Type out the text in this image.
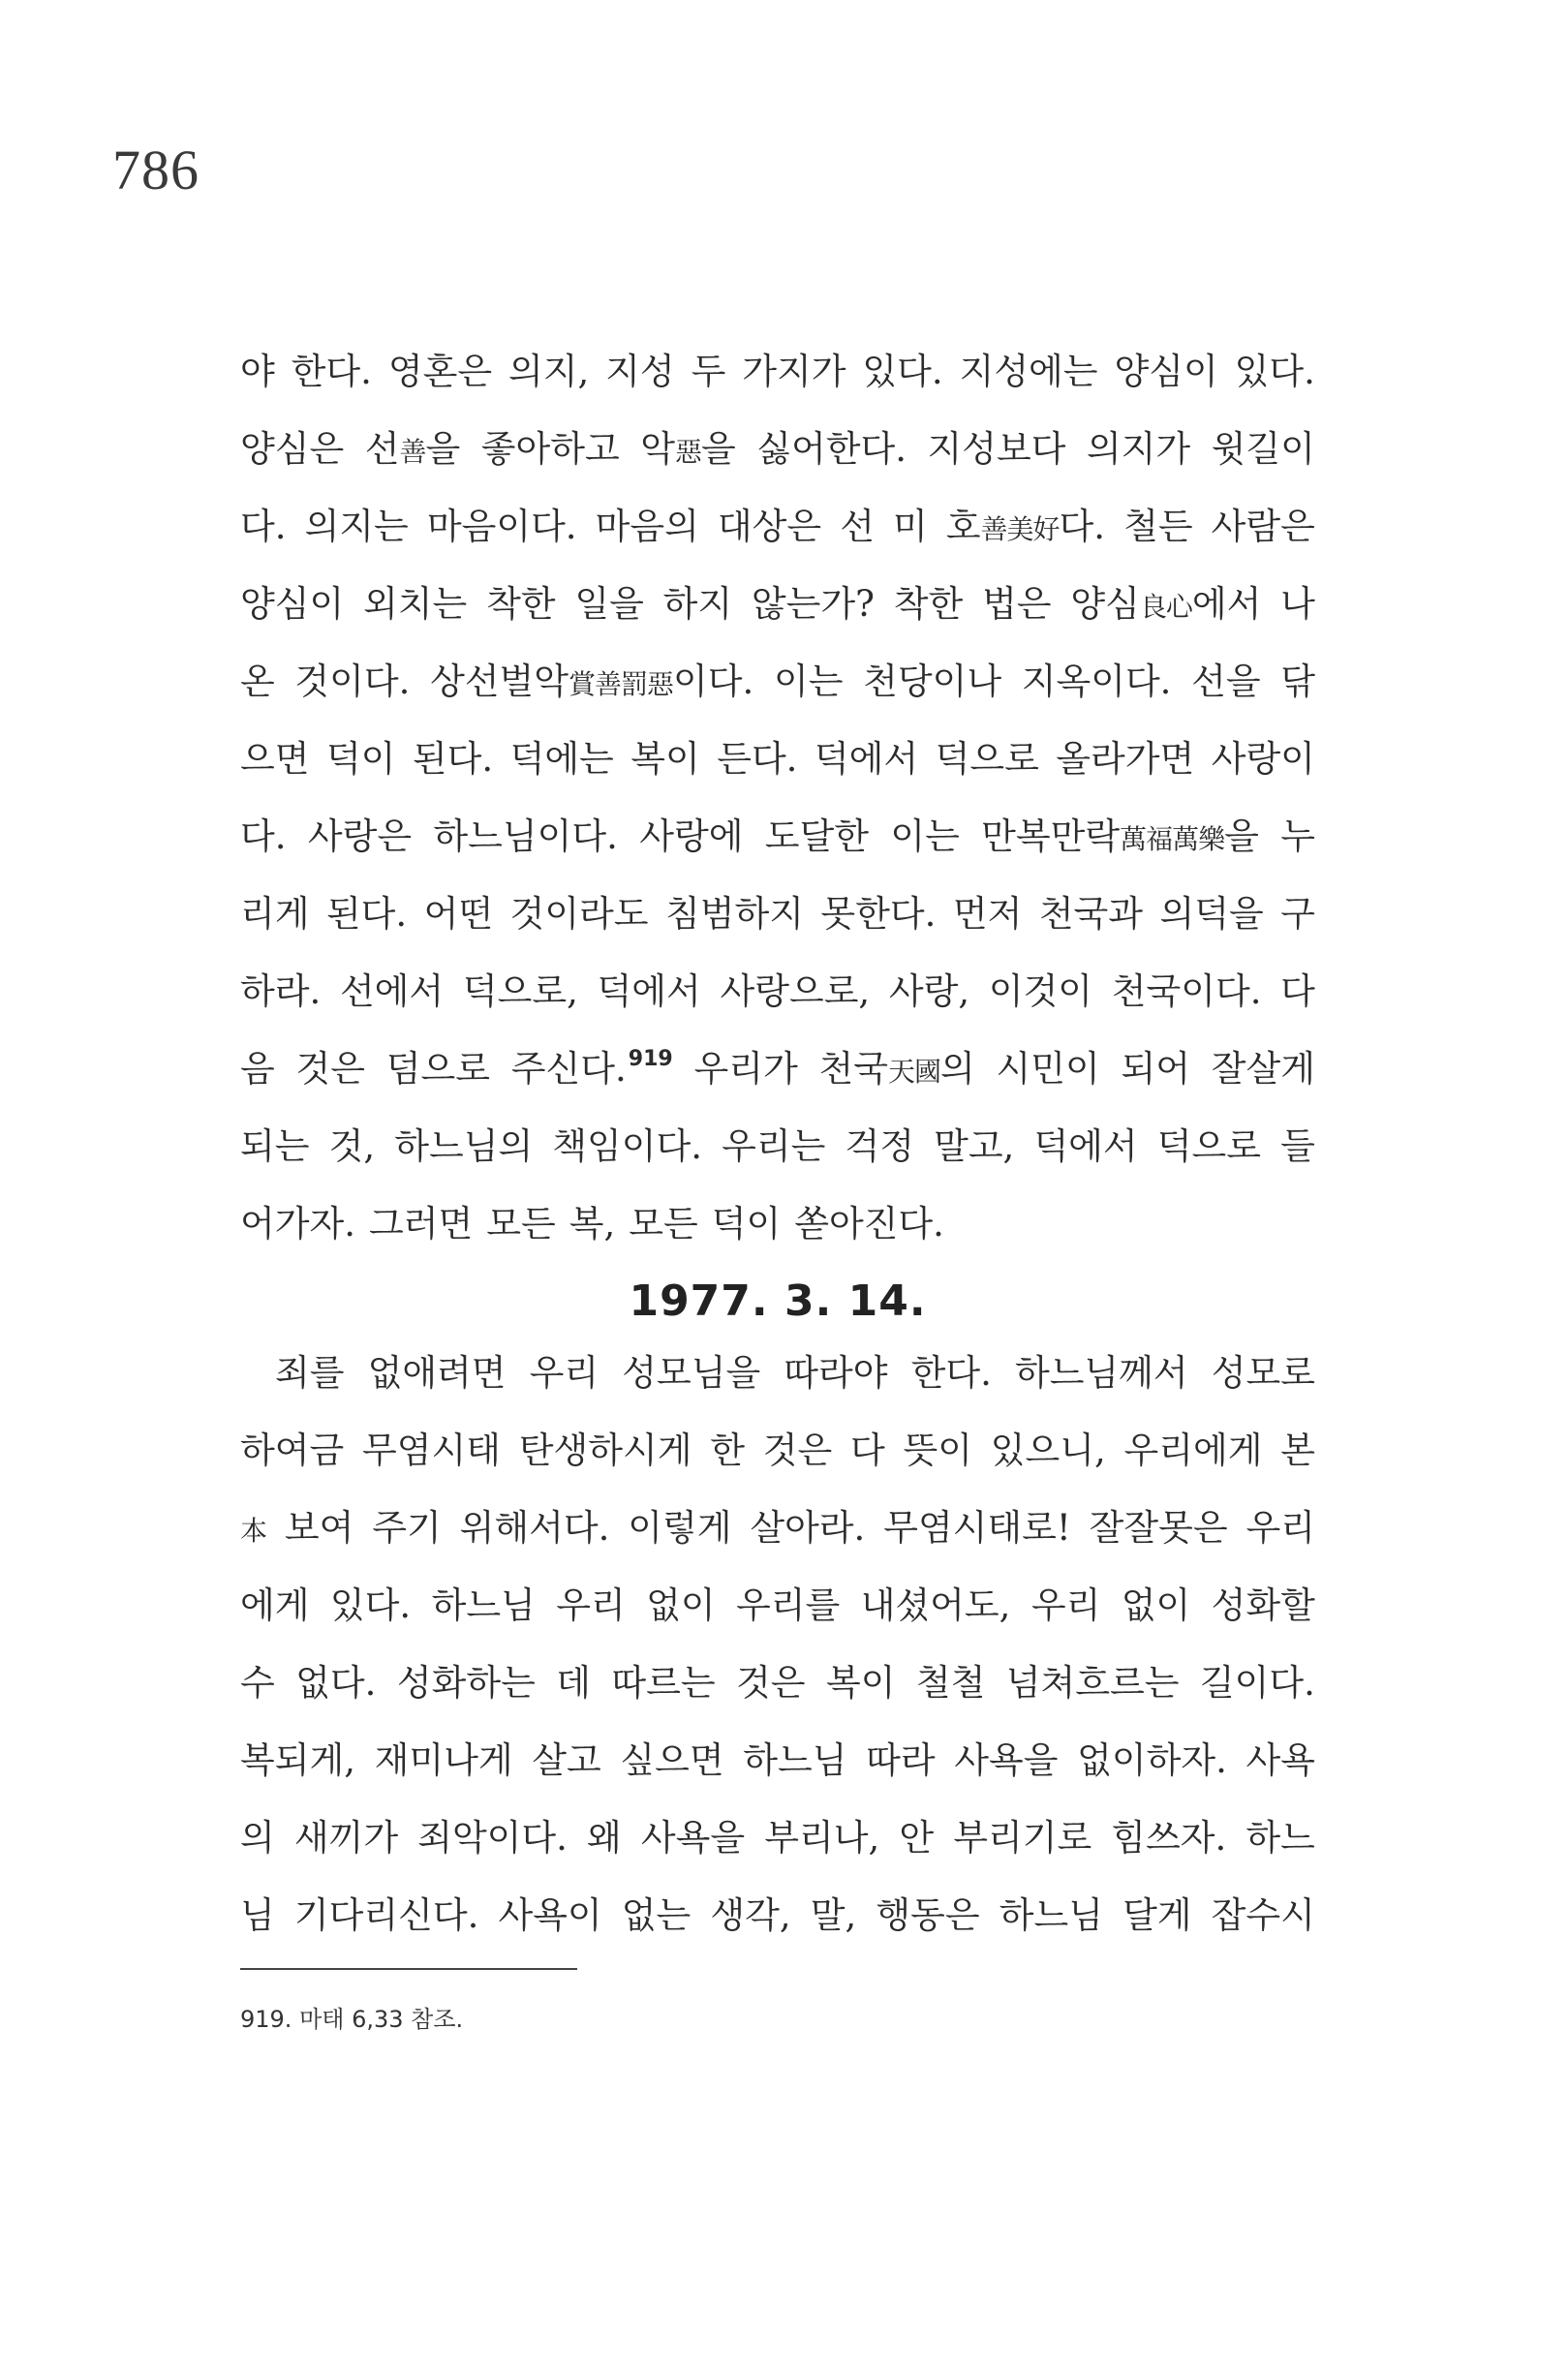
786
야 한다. 영혼은 의지, 지성 두 가지가 있다. 지성에는 양심이 있다.
양심은 선善을 좋아하고 악惡을 싫어한다. 지성보다 의지가 윗길이
다. 의지는 마음이다. 마음의 대상은 선 미 호善美好다. 철든 사람은
양심이 외치는 착한 일을 하지 않는가? 착한 법은 양심良心에서 나
온 것이다. 상선벌악賞善罰惡이다. 이는 천당이나 지옥이다. 선을 닦
으면 덕이 된다. 덕에는 복이 든다. 덕에서 덕으로 올라가면 사랑이
다. 사랑은 하느님이다. 사랑에 도달한 이는 만복만락萬福萬樂을 누
리게 된다. 어떤 것이라도 침범하지 못한다. 먼저 천국과 의덕을 구
하라. 선에서 덕으로, 덕에서 사랑으로, 사랑, 이것이 천국이다. 다
음 것은 덤으로 주신다.$^{919}$ 우리가 천국天國의 시민이 되어 잘살게
되는 것, 하느님의 책임이다. 우리는 걱정 말고, 덕에서 덕으로 들
어가자. 그러면 모든 복, 모든 덕이 쏟아진다.
1977. 3. 14.
죄를 없애려면 우리 성모님을 따라야 한다. 하느님께서 성모로
하여금 무염시태 탄생하시게 한 것은 다 뜻이 있으니, 우리에게 본
本 보여 주기 위해서다. 이렇게 살아라. 무염시태로! 잘잘못은 우리
에게 있다. 하느님 우리 없이 우리를 내셨어도, 우리 없이 성화할
수 없다. 성화하는 데 따르는 것은 복이 철철 넘쳐흐르는 길이다.
복되게, 재미나게 살고 싶으면 하느님 따라 사욕을 없이하자. 사욕
의 새끼가 죄악이다. 왜 사욕을 부리나, 안 부리기로 힘쓰자. 하느
님 기다리신다. 사욕이 없는 생각, 말, 행동은 하느님 달게 잡수시
919. 마태 6,33 참조.
